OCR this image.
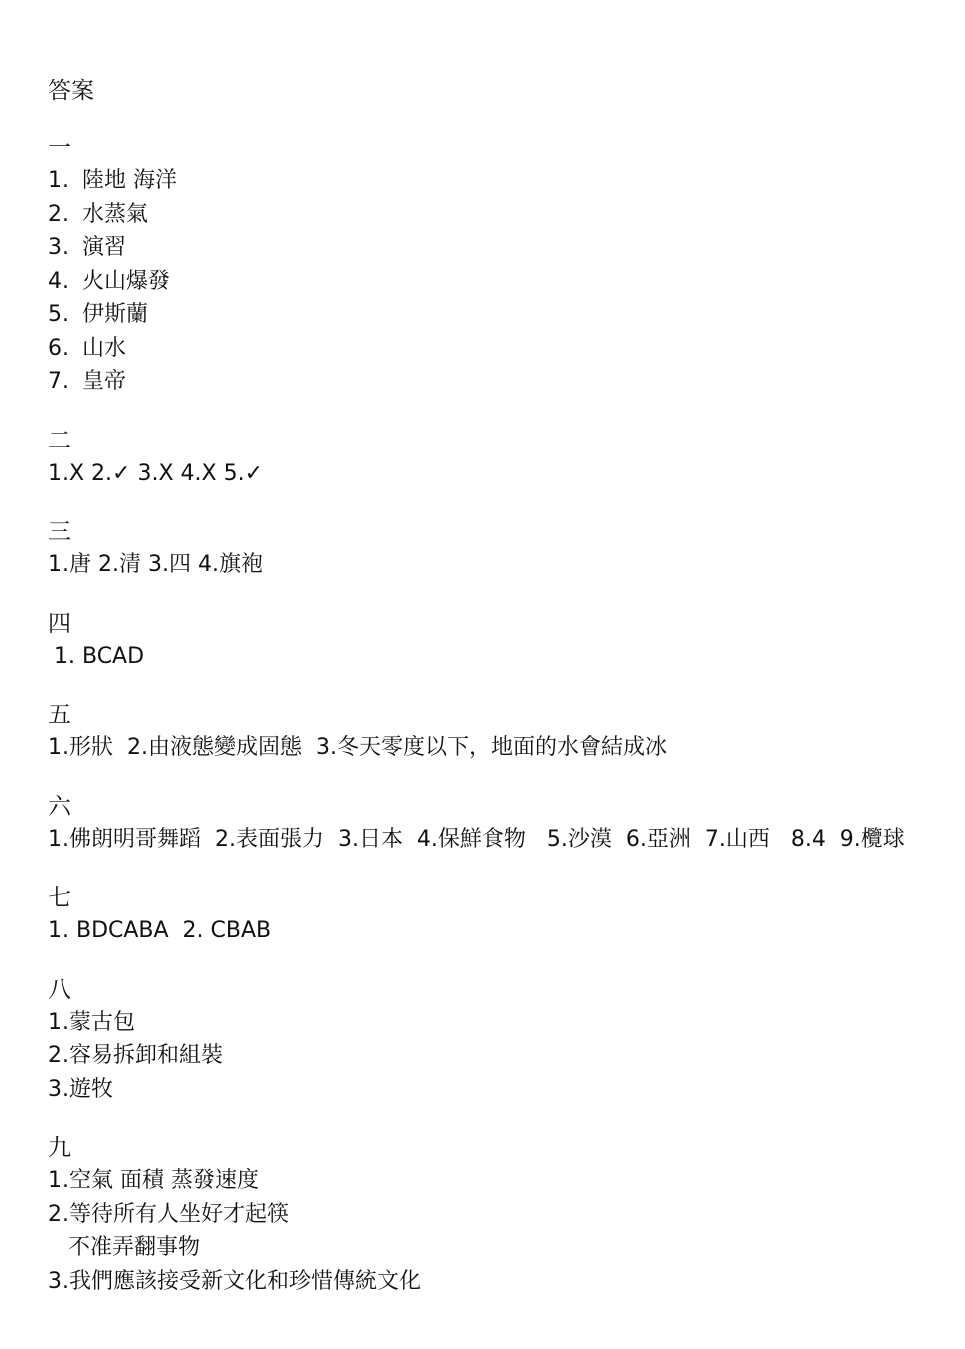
答案
一
1. 陸地 海洋
2. 水蒸氣
3. 演習
4. 火山爆發
5. 伊斯蘭
6. 山水
7. 皇帝
二
1.X 2.✓ 3.X 4.X 5.✓
三
1.唐 2.清 3.四 4.旗袍
四
1. BCAD
五
1.形狀  2.由液態變成固態  3.冬天零度以下，地面的水會結成冰
六
1.佛朗明哥舞蹈  2.表面張力  3.日本  4.保鮮食物   5.沙漠  6.亞洲  7.山西   8.4  9.欖球
七
1. BDCABA  2. CBAB
八
1.蒙古包
2.容易拆卸和組裝
3.遊牧
九
1.空氣 面積 蒸發速度
2.等待所有人坐好才起筷
不准弄翻事物
3.我們應該接受新文化和珍惜傳統文化
